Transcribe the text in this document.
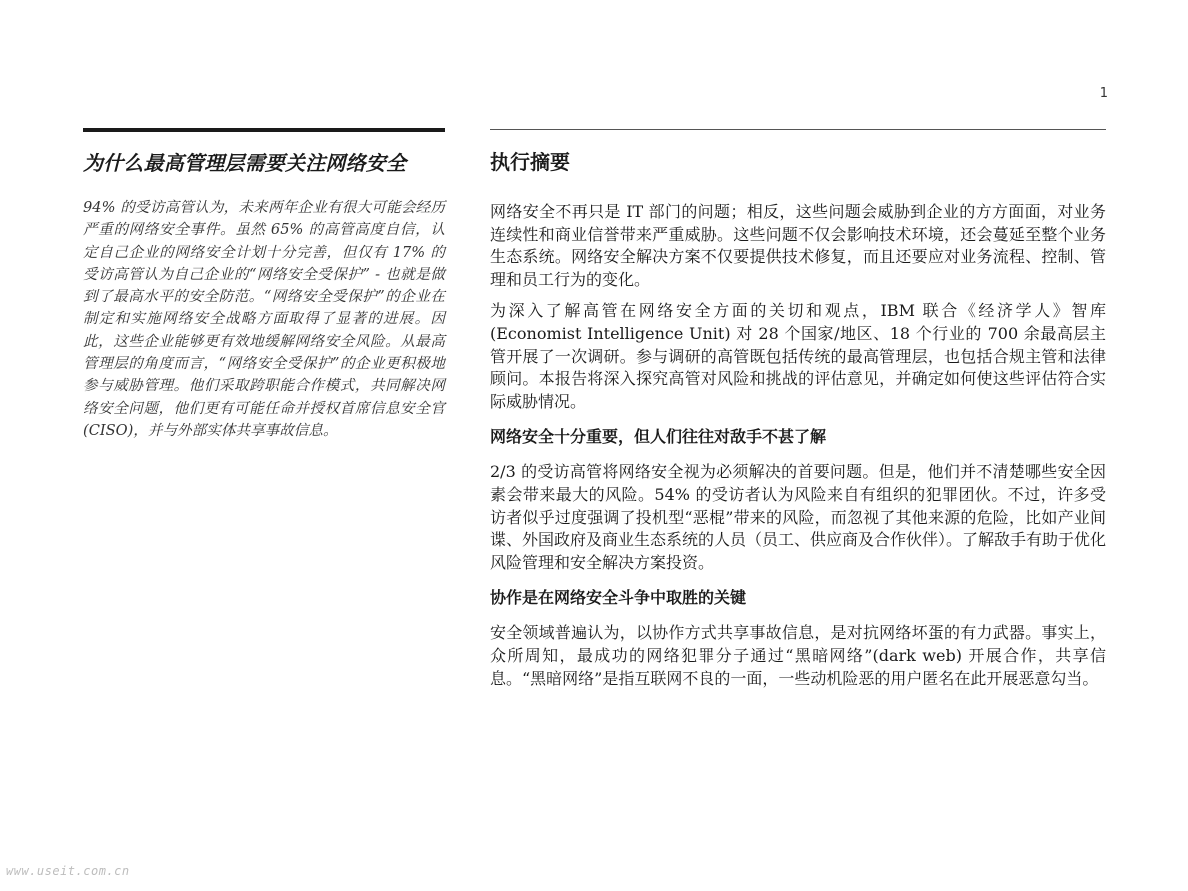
1
为什么最高管理层需要关注网络安全
94% 的受访高管认为，未来两年企业有很大可能会经历严重的网络安全事件。虽然 65% 的高管高度自信，认定自己企业的网络安全计划十分完善，但仅有 17% 的受访高管认为自己企业的“网络安全受保护” - 也就是做到了最高水平的安全防范。“网络安全受保护”的企业在制定和实施网络安全战略方面取得了显著的进展。因此，这些企业能够更有效地缓解网络安全风险。从最高管理层的角度而言，“网络安全受保护”的企业更积极地参与威胁管理。他们采取跨职能合作模式，共同解决网络安全问题，他们更有可能任命并授权首席信息安全官 (CISO)，并与外部实体共享事故信息。
执行摘要

网络安全不再只是 IT 部门的问题；相反，这些问题会威胁到企业的方方面面，对业务连续性和商业信誉带来严重威胁。这些问题不仅会影响技术环境，还会蔓延至整个业务生态系统。网络安全解决方案不仅要提供技术修复，而且还要应对业务流程、控制、管理和员工行为的变化。

为深入了解高管在网络安全方面的关切和观点，IBM 联合《经济学人》智库 (Economist Intelligence Unit) 对 28 个国家/地区、18 个行业的 700 余最高层主管开展了一次调研。参与调研的高管既包括传统的最高管理层，也包括合规主管和法律顾问。本报告将深入探究高管对风险和挑战的评估意见，并确定如何使这些评估符合实际威胁情况。

网络安全十分重要，但人们往往对敌手不甚了解

2/3 的受访高管将网络安全视为必须解决的首要问题。但是，他们并不清楚哪些安全因素会带来最大的风险。54% 的受访者认为风险来自有组织的犯罪团伙。不过，许多受访者似乎过度强调了投机型“恶棍”带来的风险，而忽视了其他来源的危险，比如产业间谍、外国政府及商业生态系统的人员（员工、供应商及合作伙伴）。了解敌手有助于优化风险管理和安全解决方案投资。

协作是在网络安全斗争中取胜的关键

安全领域普遍认为，以协作方式共享事故信息，是对抗网络坏蛋的有力武器。事实上，众所周知，最成功的网络犯罪分子通过“黑暗网络”(dark web) 开展合作，共享信息。“黑暗网络”是指互联网不良的一面，一些动机险恶的用户匿名在此开展恶意勾当。

www.useit.com.cn
